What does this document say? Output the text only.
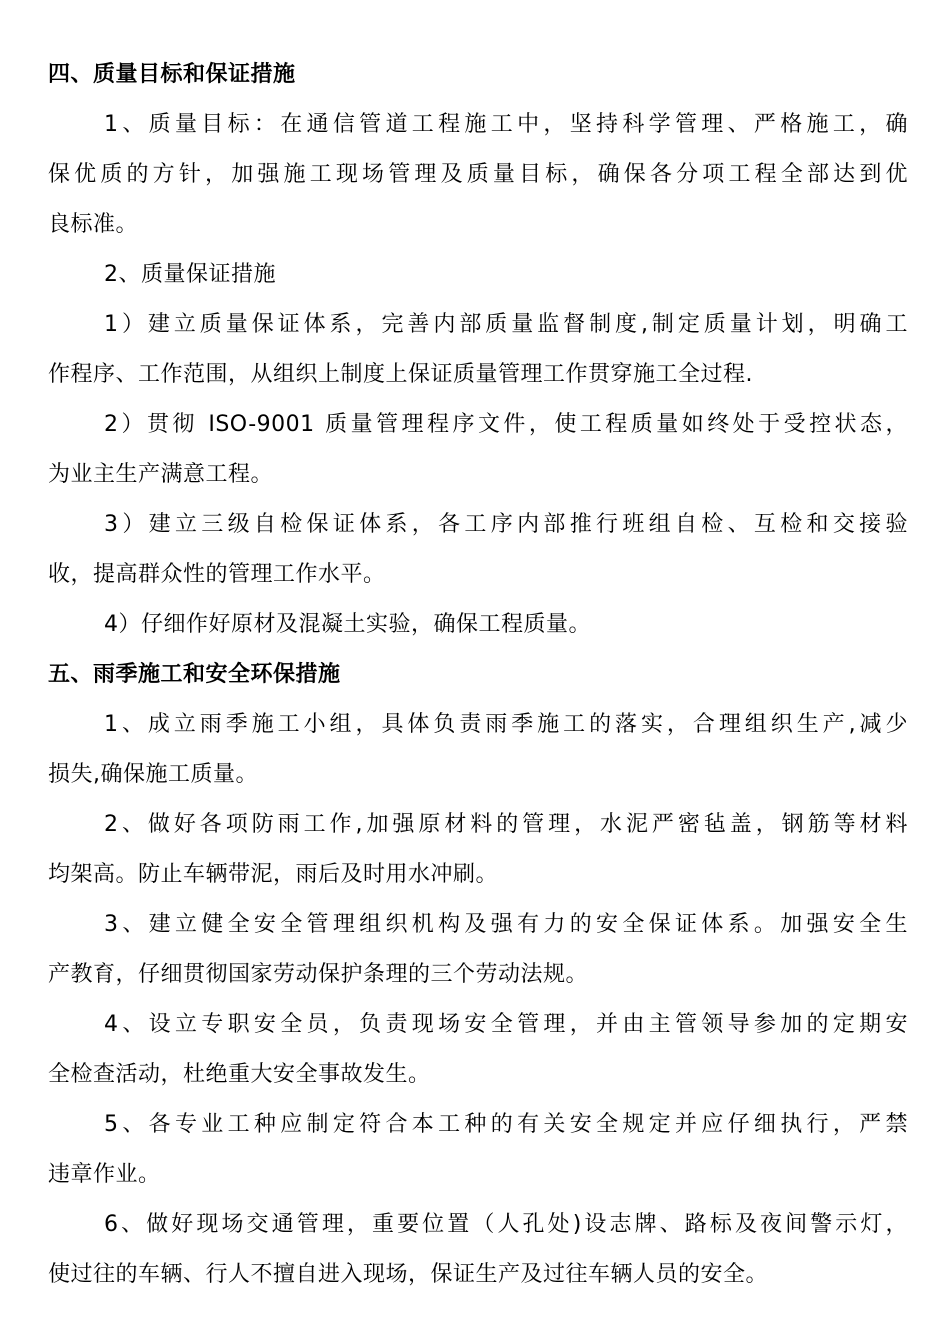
四、质量目标和保证措施
1、质量目标：在通信管道工程施工中，坚持科学管理、严格施工，确
保优质的方针，加强施工现场管理及质量目标，确保各分项工程全部达到优
良标准。
2、质量保证措施
1）建立质量保证体系，完善内部质量监督制度,制定质量计划，明确工
作程序、工作范围，从组织上制度上保证质量管理工作贯穿施工全过程.
2）贯彻 ISO-9001 质量管理程序文件，使工程质量如终处于受控状态，
为业主生产满意工程。
3）建立三级自检保证体系，各工序内部推行班组自检、互检和交接验
收，提高群众性的管理工作水平。
4）仔细作好原材及混凝土实验，确保工程质量。
五、雨季施工和安全环保措施
1、成立雨季施工小组，具体负责雨季施工的落实，合理组织生产,减少
损失,确保施工质量。
2、做好各项防雨工作,加强原材料的管理，水泥严密毡盖，钢筋等材料
均架高。防止车辆带泥，雨后及时用水冲刷。
3、建立健全安全管理组织机构及强有力的安全保证体系。加强安全生
产教育，仔细贯彻国家劳动保护条理的三个劳动法规。
4、设立专职安全员，负责现场安全管理，并由主管领导参加的定期安
全检查活动，杜绝重大安全事故发生。
5、各专业工种应制定符合本工种的有关安全规定并应仔细执行，严禁
违章作业。
6、做好现场交通管理，重要位置（人孔处)设志牌、路标及夜间警示灯，
使过往的车辆、行人不擅自进入现场，保证生产及过往车辆人员的安全。
